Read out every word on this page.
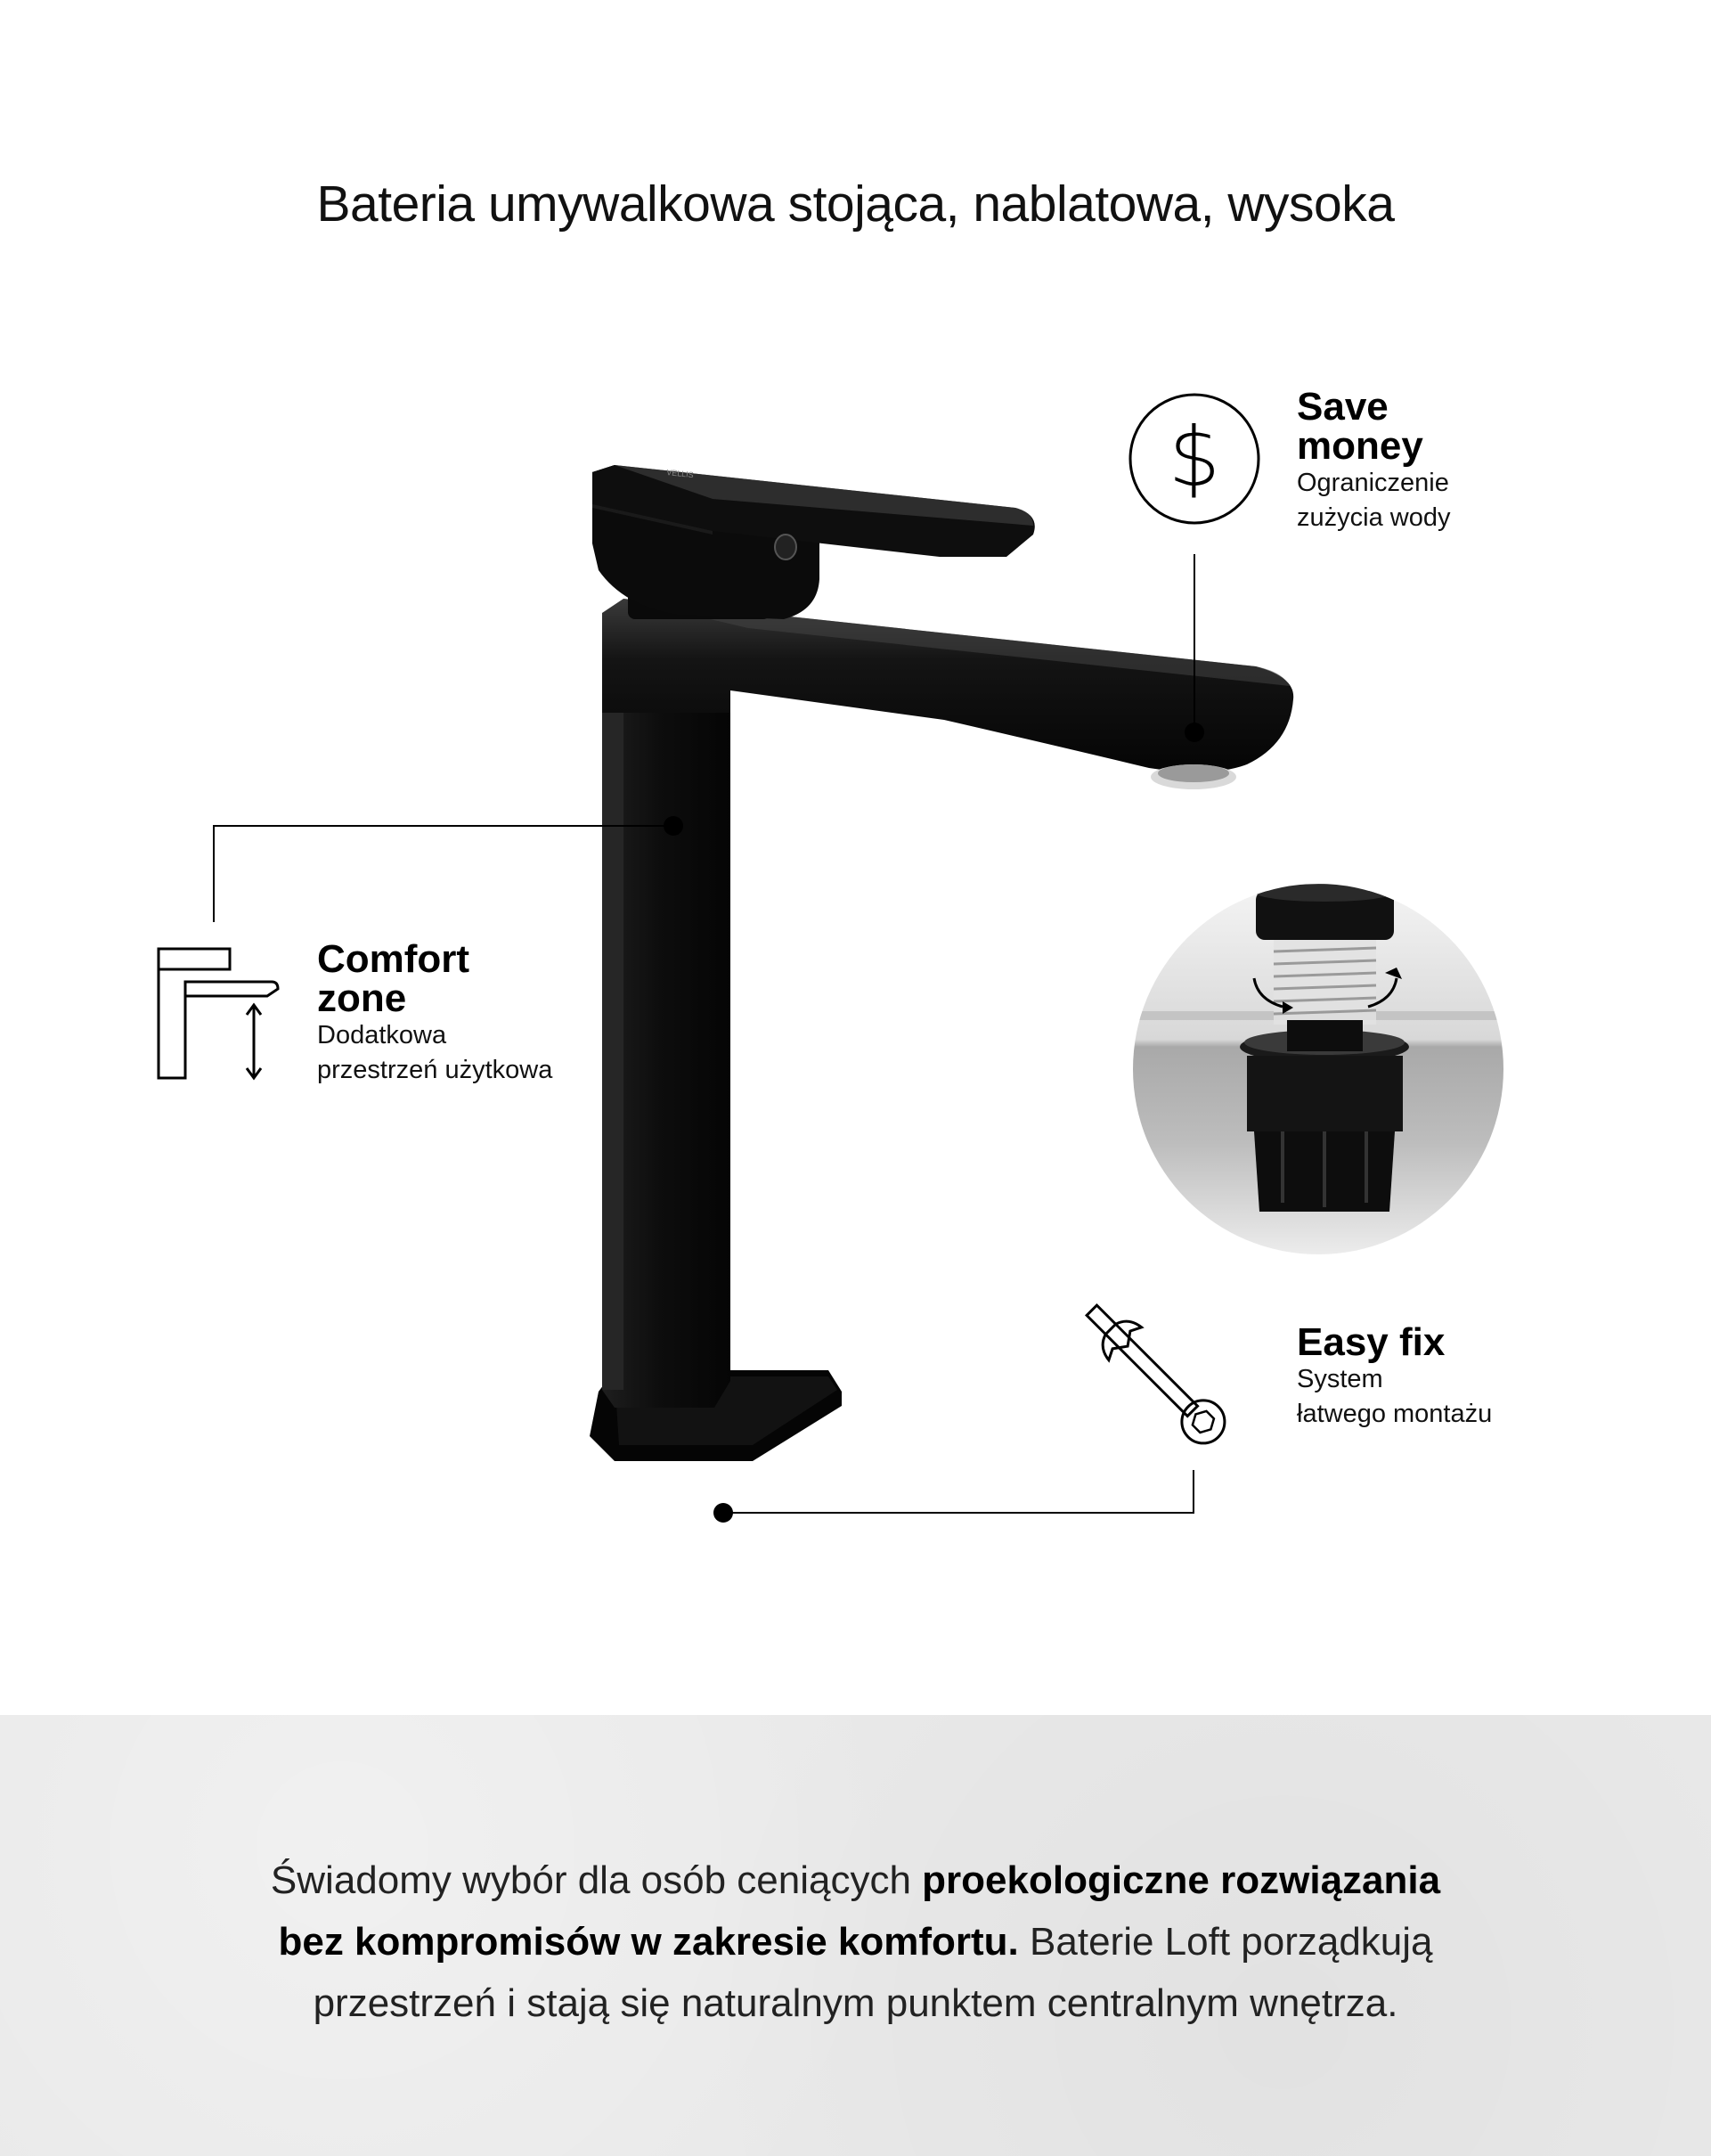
Bateria umywalkowa stojąca, nablatowa, wysoka
VELLIS	$
Save
money
Ograniczenie
zużycia wody
Comfort
zone
Dodatkowa
przestrzeń użytkowa
Easy fix
System
łatwego montażu
Świadomy wybór dla osób ceniących proekologiczne rozwiązania
bez kompromisów w zakresie komfortu. Baterie Loft porządkują
przestrzeń i stają się naturalnym punktem centralnym wnętrza.
